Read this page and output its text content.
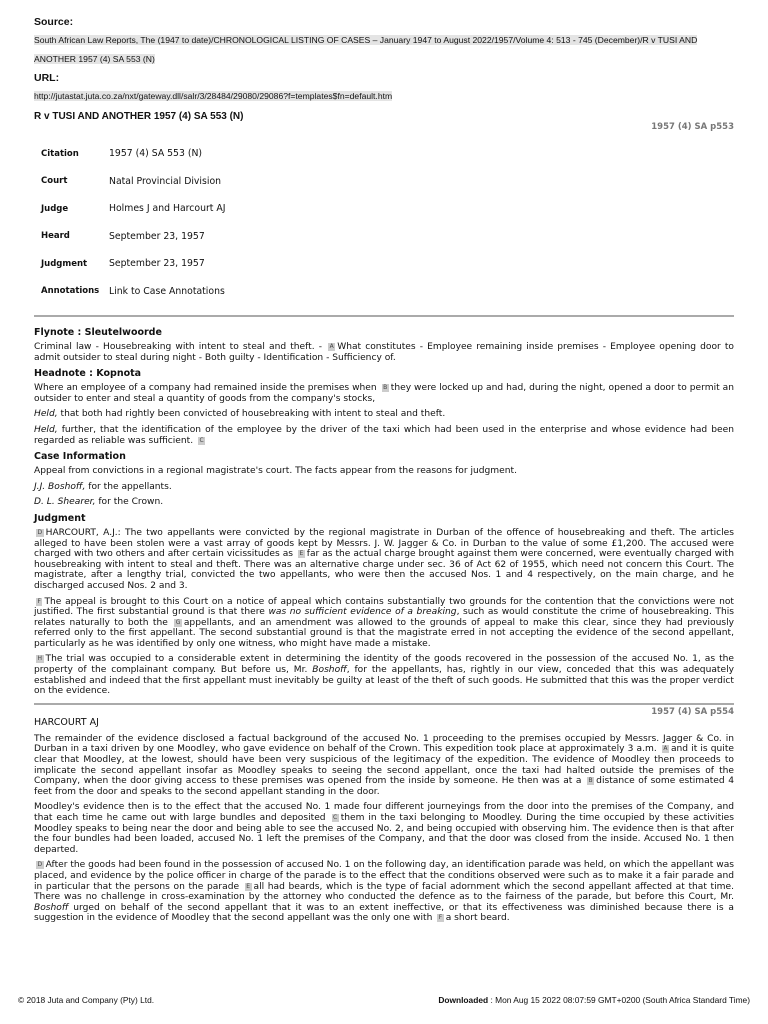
Source:
South African Law Reports, The (1947 to date)/CHRONOLOGICAL LISTING OF CASES – January 1947 to August 2022/1957/Volume 4: 513 - 745 (December)/R v TUSI AND ANOTHER 1957 (4) SA 553 (N)
URL:
http://jutastat.juta.co.za/nxt/gateway.dll/salr/3/28484/29080/29086?f=templates$fn=default.htm
R v TUSI AND ANOTHER 1957 (4) SA 553 (N)
1957 (4) SA p553
Citation	1957 (4) SA 553 (N)
Court	Natal Provincial Division
Judge	Holmes J and Harcourt AJ
Heard	September 23, 1957
Judgment	September 23, 1957
Annotations	Link to Case Annotations
Flynote : Sleutelwoorde

Criminal law - Housebreaking with intent to steal and theft. - A What constitutes - Employee remaining inside premises - Employee opening door to admit outsider to steal during night - Both guilty - Identification - Sufficiency of.

Headnote : Kopnota

Where an employee of a company had remained inside the premises when B they were locked up and had, during the night, opened a door to permit an outsider to enter and steal a quantity of goods from the company's stocks,

Held, that both had rightly been convicted of housebreaking with intent to steal and theft.

Held, further, that the identification of the employee by the driver of the taxi which had been used in the enterprise and whose evidence had been regarded as reliable was sufficient. C

Case Information

Appeal from convictions in a regional magistrate's court. The facts appear from the reasons for judgment.

J.J. Boshoff, for the appellants.

D. L. Shearer, for the Crown.

Judgment

D HARCOURT, A.J.: The two appellants were convicted by the regional magistrate in Durban of the offence of housebreaking and theft. The articles alleged to have been stolen were a vast array of goods kept by Messrs. J. W. Jagger & Co. in Durban to the value of some £1,200. The accused were charged with two others and after certain vicissitudes as E far as the actual charge brought against them were concerned, were eventually charged with housebreaking with intent to steal and theft. There was an alternative charge under sec. 36 of Act 62 of 1955, which need not concern this Court. The magistrate, after a lengthy trial, convicted the two appellants, who were then the accused Nos. 1 and 4 respectively, on the main charge, and he discharged accused Nos. 2 and 3.

F The appeal is brought to this Court on a notice of appeal which contains substantially two grounds for the contention that the convictions were not justified. The first substantial ground is that there was no sufficient evidence of a breaking, such as would constitute the crime of housebreaking. This relates naturally to both the G appellants, and an amendment was allowed to the grounds of appeal to make this clear, since they had previously referred only to the first appellant. The second substantial ground is that the magistrate erred in not accepting the evidence of the second appellant, particularly as he was identified by only one witness, who might have made a mistake.

H The trial was occupied to a considerable extent in determining the identity of the goods recovered in the possession of the accused No. 1, as the property of the complainant company. But before us, Mr. Boshoff, for the appellants, has, rightly in our view, conceded that this was adequately established and indeed that the first appellant must inevitably be guilty at least of the theft of such goods. He submitted that this was the proper verdict on the evidence.

1957 (4) SA p554
HARCOURT AJ

The remainder of the evidence disclosed a factual background of the accused No. 1 proceeding to the premises occupied by Messrs. Jagger & Co. in Durban in a taxi driven by one Moodley, who gave evidence on behalf of the Crown. This expedition took place at approximately 3 a.m. A and it is quite clear that Moodley, at the lowest, should have been very suspicious of the legitimacy of the expedition. The evidence of Moodley then proceeds to implicate the second appellant insofar as Moodley speaks to seeing the second appellant, once the taxi had halted outside the premises of the Company, when the door giving access to these premises was opened from the inside by someone. He then was at a B distance of some estimated 4 feet from the door and speaks to the second appellant standing in the door.

Moodley's evidence then is to the effect that the accused No. 1 made four different journeyings from the door into the premises of the Company, and that each time he came out with large bundles and deposited C them in the taxi belonging to Moodley. During the time occupied by these activities Moodley speaks to being near the door and being able to see the accused No. 2, and being occupied with observing him. The evidence then is that after the four bundles had been loaded, accused No. 1 left the premises of the Company, and that the door was closed from the inside. Accused No. 1 then departed.

D After the goods had been found in the possession of accused No. 1 on the following day, an identification parade was held, on which the appellant was placed, and evidence by the police officer in charge of the parade is to the effect that the conditions observed were such as to make it a fair parade and in particular that the persons on the parade E all had beards, which is the type of facial adornment which the second appellant affected at that time. There was no challenge in cross-examination by the attorney who conducted the defence as to the fairness of the parade, but before this Court, Mr. Boshoff urged on behalf of the second appellant that it was to an extent ineffective, or that its effectiveness was diminished because there is a suggestion in the evidence of Moodley that the second appellant was the only one with F a short beard.

© 2018 Juta and Company (Pty) Ltd.	Downloaded : Mon Aug 15 2022 08:07:59 GMT+0200 (South Africa Standard Time)
